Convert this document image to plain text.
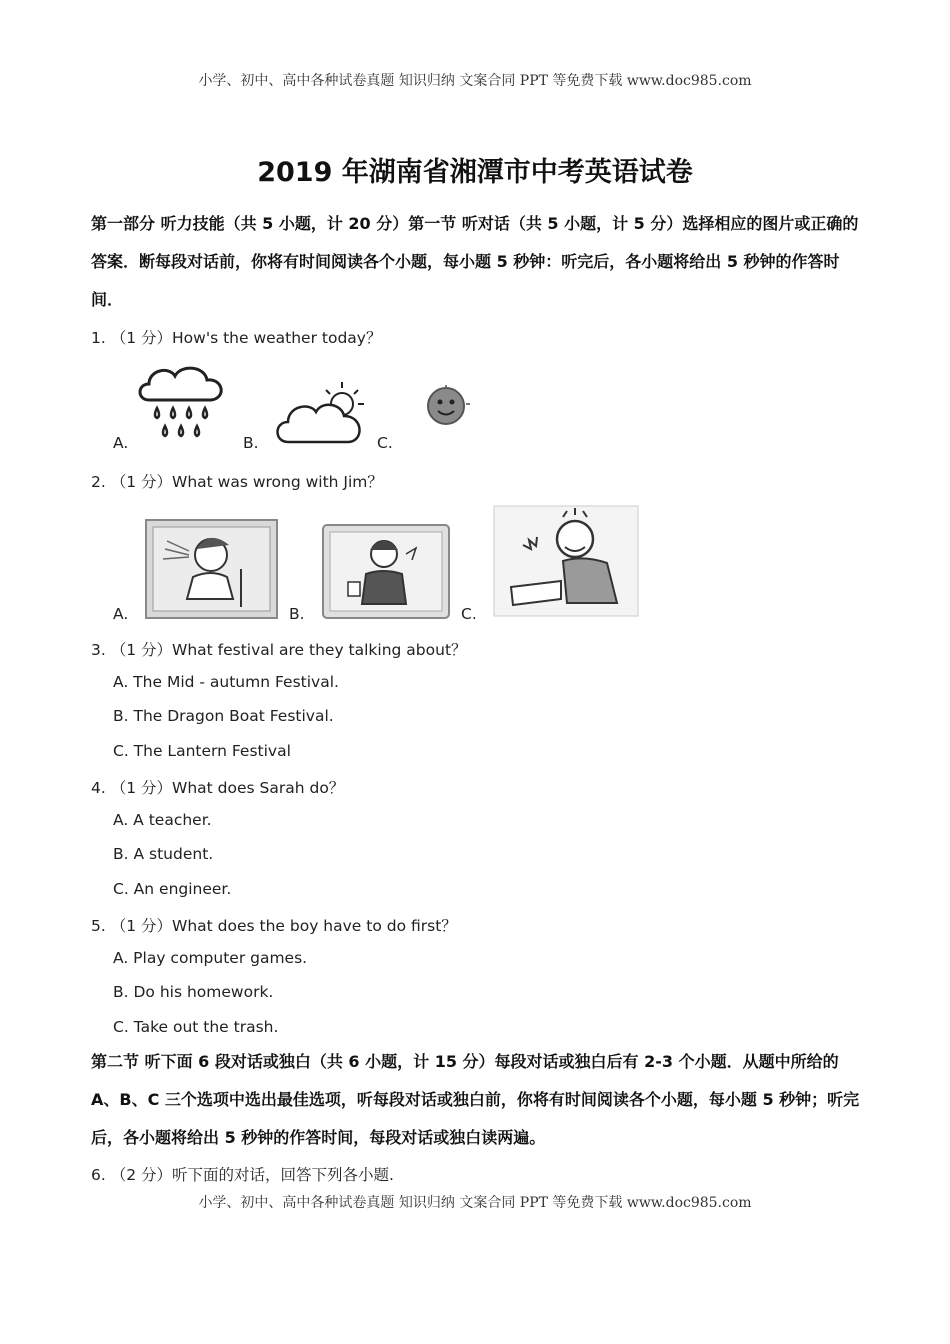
小学、初中、高中各种试卷真题 知识归纳 文案合同 PPT 等免费下载 www.doc985.com
2019 年湖南省湘潭市中考英语试卷
第一部分 听力技能（共 5 小题，计 20 分）第一节 听对话（共 5 小题，计 5 分）选择相应的图片或正确的答案．断每段对话前，你将有时间阅读各个小题，每小题 5 秒钟：听完后，各小题将给出 5 秒钟的作答时间．
1. （1 分）How's the weather today？
A.	B.	C.
2. （1 分）What was wrong with Jim？
A.	B.	C.
3. （1 分）What festival are they talking about？
A. The Mid - autumn Festival.
B. The Dragon Boat Festival.
C. The Lantern Festival
4. （1 分）What does Sarah do？
A. A teacher.
B. A student.
C. An engineer.
5. （1 分）What does the boy have to do first？
A. Play computer games.
B. Do his homework.
C. Take out the trash.
第二节 听下面 6 段对话或独白（共 6 小题，计 15 分）每段对话或独白后有 2-3 个小题．从题中所给的 A、B、C 三个选项中选出最佳选项，听每段对话或独白前，你将有时间阅读各个小题，每小题 5 秒钟；听完后，各小题将给出 5 秒钟的作答时间，每段对话或独白读两遍。
6. （2 分）听下面的对话，回答下列各小题.
小学、初中、高中各种试卷真题 知识归纳 文案合同 PPT 等免费下载 www.doc985.com
